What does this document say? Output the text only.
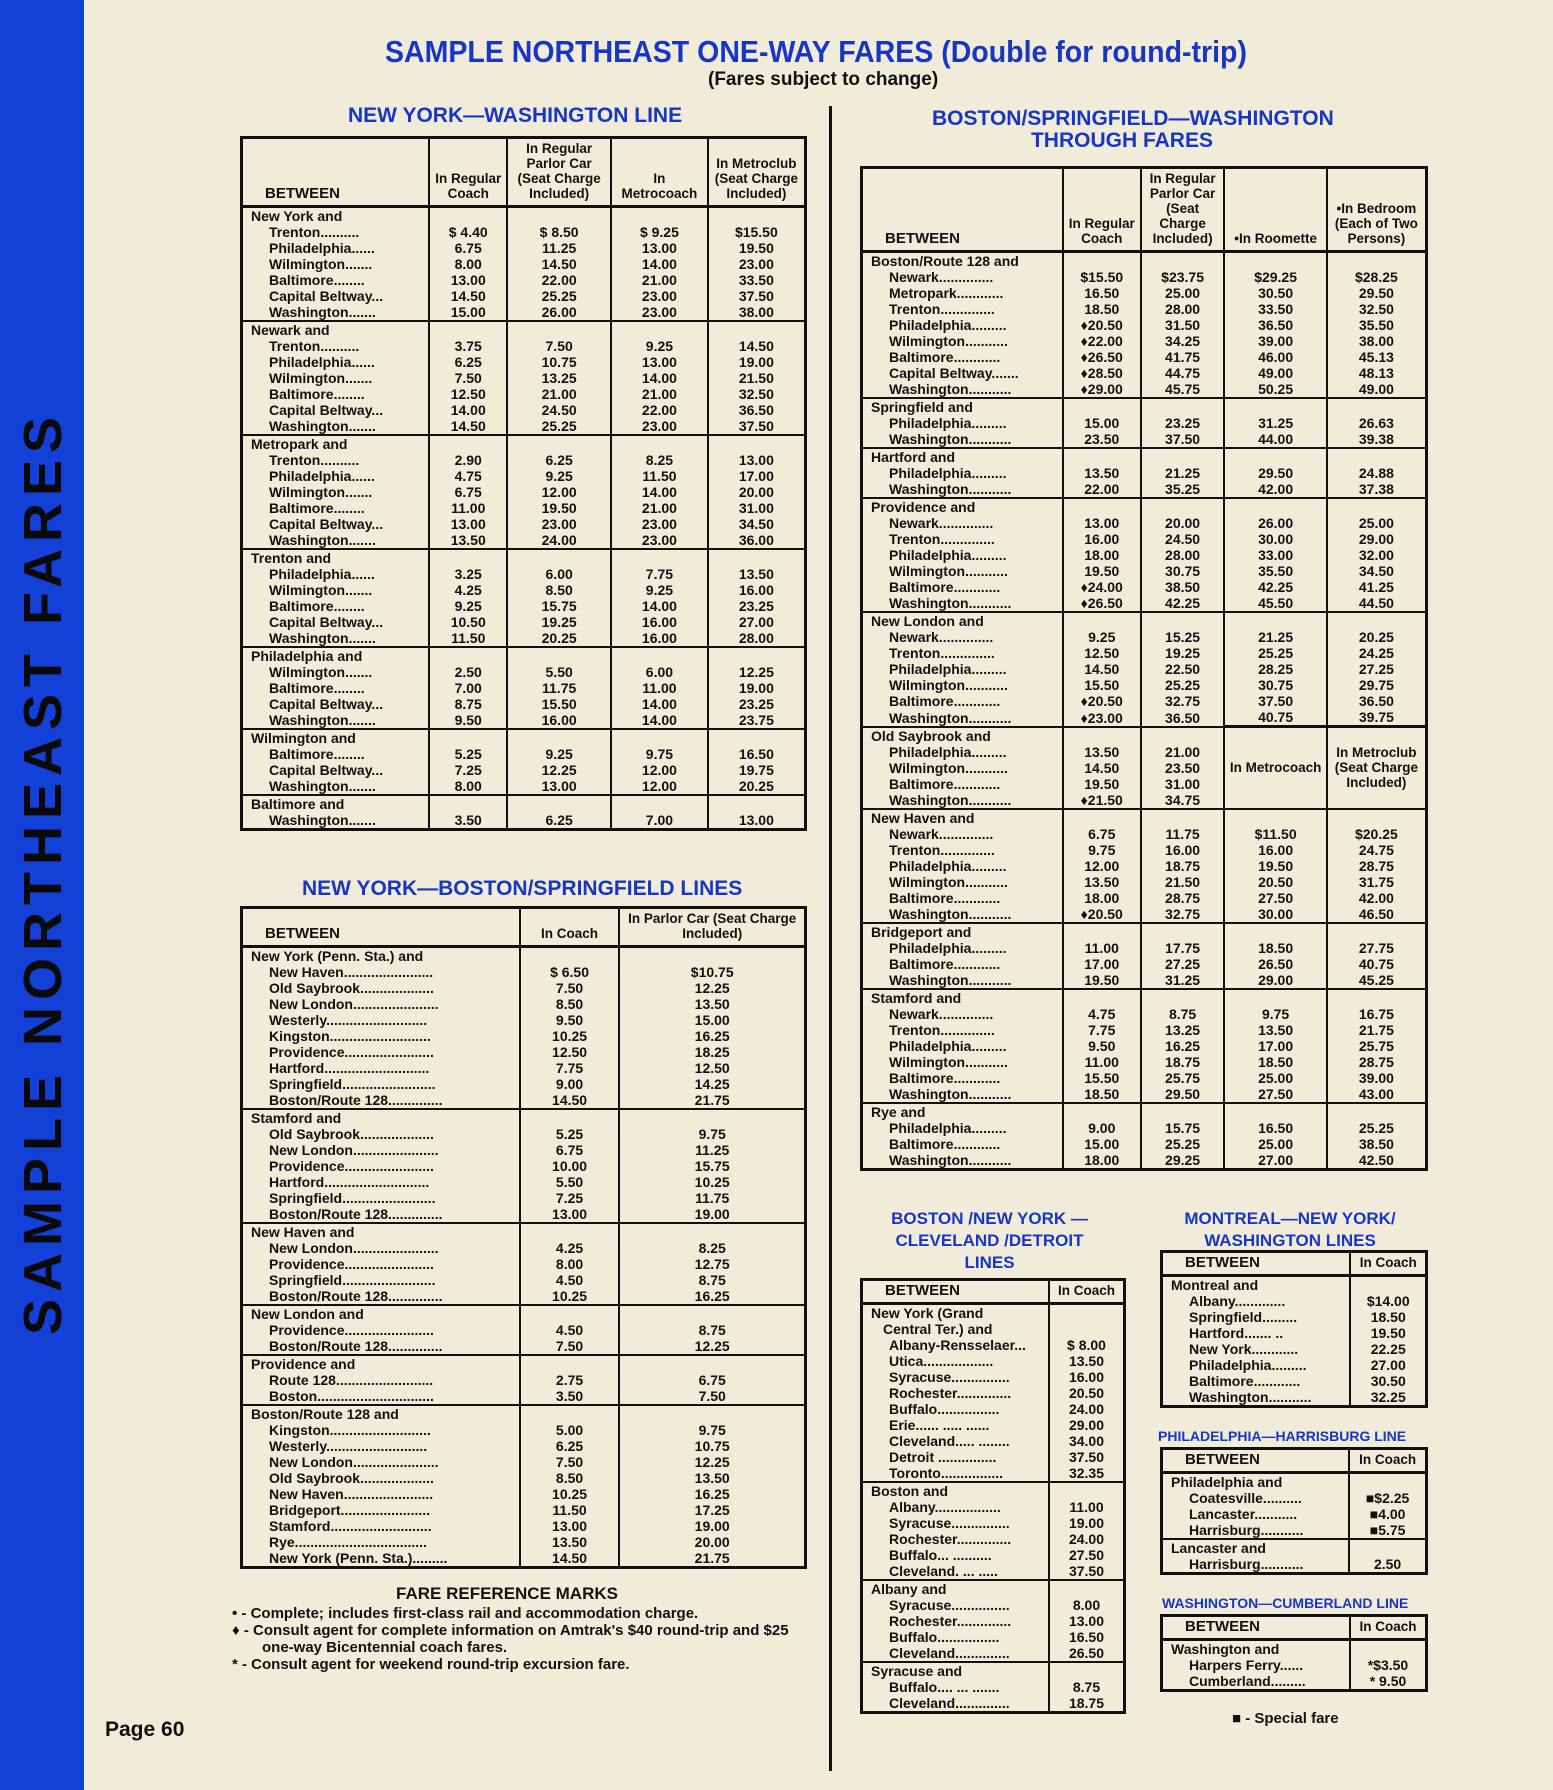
SAMPLE NORTHEAST FARES
SAMPLE NORTHEAST ONE-WAY FARES (Double for round-trip)
(Fares subject to change)
NEW YORK—WASHINGTON LINE
BETWEEN	In Regular Coach	In Regular Parlor Car (Seat Charge Included)	In Metrocoach	In Metroclub (Seat Charge Included)
New York and				
Trenton..........	$ 4.40	$ 8.50	$ 9.25	$15.50
Philadelphia......	6.75	11.25	13.00	19.50
Wilmington.......	8.00	14.50	14.00	23.00
Baltimore........	13.00	22.00	21.00	33.50
Capital Beltway...	14.50	25.25	23.00	37.50
Washington.......	15.00	26.00	23.00	38.00
Newark and				
Trenton..........	3.75	7.50	9.25	14.50
Philadelphia......	6.25	10.75	13.00	19.00
Wilmington.......	7.50	13.25	14.00	21.50
Baltimore........	12.50	21.00	21.00	32.50
Capital Beltway...	14.00	24.50	22.00	36.50
Washington.......	14.50	25.25	23.00	37.50
Metropark and				
Trenton..........	2.90	6.25	8.25	13.00
Philadelphia......	4.75	9.25	11.50	17.00
Wilmington.......	6.75	12.00	14.00	20.00
Baltimore........	11.00	19.50	21.00	31.00
Capital Beltway...	13.00	23.00	23.00	34.50
Washington.......	13.50	24.00	23.00	36.00
Trenton and				
Philadelphia......	3.25	6.00	7.75	13.50
Wilmington.......	4.25	8.50	9.25	16.00
Baltimore........	9.25	15.75	14.00	23.25
Capital Beltway...	10.50	19.25	16.00	27.00
Washington.......	11.50	20.25	16.00	28.00
Philadelphia and				
Wilmington.......	2.50	5.50	6.00	12.25
Baltimore........	7.00	11.75	11.00	19.00
Capital Beltway...	8.75	15.50	14.00	23.25
Washington.......	9.50	16.00	14.00	23.75
Wilmington and				
Baltimore........	5.25	9.25	9.75	16.50
Capital Beltway...	7.25	12.25	12.00	19.75
Washington.......	8.00	13.00	12.00	20.25
Baltimore and				
Washington.......	3.50	6.25	7.00	13.00
NEW YORK—BOSTON/SPRINGFIELD LINES
BETWEEN	In Coach	In Parlor Car (Seat Charge Included)
New York (Penn. Sta.) and		
New Haven.......................	$ 6.50	$10.75
Old Saybrook...................	7.50	12.25
New London......................	8.50	13.50
Westerly..........................	9.50	15.00
Kingston..........................	10.25	16.25
Providence.......................	12.50	18.25
Hartford...........................	7.75	12.50
Springfield........................	9.00	14.25
Boston/Route 128..............	14.50	21.75
Stamford and		
Old Saybrook...................	5.25	9.75
New London......................	6.75	11.25
Providence.......................	10.00	15.75
Hartford...........................	5.50	10.25
Springfield........................	7.25	11.75
Boston/Route 128..............	13.00	19.00
New Haven and		
New London......................	4.25	8.25
Providence.......................	8.00	12.75
Springfield........................	4.50	8.75
Boston/Route 128..............	10.25	16.25
New London and		
Providence.......................	4.50	8.75
Boston/Route 128..............	7.50	12.25
Providence and		
Route 128.........................	2.75	6.75
Boston..............................	3.50	7.50
Boston/Route 128 and		
Kingston..........................	5.00	9.75
Westerly..........................	6.25	10.75
New London......................	7.50	12.25
Old Saybrook...................	8.50	13.50
New Haven.......................	10.25	16.25
Bridgeport.......................	11.50	17.25
Stamford..........................	13.00	19.00
Rye..................................	13.50	20.00
New York (Penn. Sta.).........	14.50	21.75
FARE REFERENCE MARKS
• - Complete; includes first-class rail and accommodation charge.
♦ - Consult agent for complete information on Amtrak's $40 round-trip and $25 one-way Bicentennial coach fares.
* - Consult agent for weekend round-trip excursion fare.
BOSTON/SPRINGFIELD—WASHINGTON
THROUGH FARES
BETWEEN	In Regular Coach	In Regular Parlor Car (Seat Charge Included)	•In Roomette	•In Bedroom (Each of Two Persons)
Boston/Route 128 and				
Newark..............	$15.50	$23.75	$29.25	$28.25
Metropark............	16.50	25.00	30.50	29.50
Trenton..............	18.50	28.00	33.50	32.50
Philadelphia.........	♦20.50	31.50	36.50	35.50
Wilmington...........	♦22.00	34.25	39.00	38.00
Baltimore............	♦26.50	41.75	46.00	45.13
Capital Beltway.......	♦28.50	44.75	49.00	48.13
Washington...........	♦29.00	45.75	50.25	49.00
Springfield and				
Philadelphia.........	15.00	23.25	31.25	26.63
Washington...........	23.50	37.50	44.00	39.38
Hartford and				
Philadelphia.........	13.50	21.25	29.50	24.88
Washington...........	22.00	35.25	42.00	37.38
Providence and				
Newark..............	13.00	20.00	26.00	25.00
Trenton..............	16.00	24.50	30.00	29.00
Philadelphia.........	18.00	28.00	33.00	32.00
Wilmington...........	19.50	30.75	35.50	34.50
Baltimore............	♦24.00	38.50	42.25	41.25
Washington...........	♦26.50	42.25	45.50	44.50
New London and				
Newark..............	9.25	15.25	21.25	20.25
Trenton..............	12.50	19.25	25.25	24.25
Philadelphia.........	14.50	22.50	28.25	27.25
Wilmington...........	15.50	25.25	30.75	29.75
Baltimore............	♦20.50	32.75	37.50	36.50
Washington...........	♦23.00	36.50	40.75	39.75
Old Saybrook and			In Metrocoach	In Metroclub (Seat Charge Included)
Philadelphia.........	13.50	21.00		
Wilmington...........	14.50	23.50		
Baltimore............	19.50	31.00		
Washington...........	♦21.50	34.75		
New Haven and				
Newark..............	6.75	11.75	$11.50	$20.25
Trenton..............	9.75	16.00	16.00	24.75
Philadelphia.........	12.00	18.75	19.50	28.75
Wilmington...........	13.50	21.50	20.50	31.75
Baltimore............	18.00	28.75	27.50	42.00
Washington...........	♦20.50	32.75	30.00	46.50
Bridgeport and				
Philadelphia.........	11.00	17.75	18.50	27.75
Baltimore............	17.00	27.25	26.50	40.75
Washington...........	19.50	31.25	29.00	45.25
Stamford and				
Newark..............	4.75	8.75	9.75	16.75
Trenton..............	7.75	13.25	13.50	21.75
Philadelphia.........	9.50	16.25	17.00	25.75
Wilmington...........	11.00	18.75	18.50	28.75
Baltimore............	15.50	25.75	25.00	39.00
Washington...........	18.50	29.50	27.50	43.00
Rye and				
Philadelphia.........	9.00	15.75	16.50	25.25
Baltimore............	15.00	25.25	25.00	38.50
Washington...........	18.00	29.25	27.00	42.50
BOSTON /NEW YORK —
CLEVELAND /DETROIT
LINES
BETWEEN	In Coach
New York (Grand	
Central Ter.) and	
Albany-Rensselaer...	$ 8.00
Utica..................	13.50
Syracuse...............	16.00
Rochester..............	20.50
Buffalo................	24.00
Erie...... ..... ......	29.00
Cleveland..... ........	34.00
Detroit ...............	37.50
Toronto................	32.35
Boston and	
Albany.................	11.00
Syracuse...............	19.00
Rochester..............	24.00
Buffalo... ..........	27.50
Cleveland. ... .....	37.50
Albany and	
Syracuse...............	8.00
Rochester..............	13.00
Buffalo................	16.50
Cleveland..............	26.50
Syracuse and	
Buffalo.... ... .......	8.75
Cleveland..............	18.75
MONTREAL—NEW YORK/
WASHINGTON LINES
BETWEEN	In Coach
Montreal and	
Albany.............	$14.00
Springfield.........	18.50
Hartford....... ..	19.50
New York............	22.25
Philadelphia.........	27.00
Baltimore............	30.50
Washington...........	32.25
PHILADELPHIA—HARRISBURG LINE
BETWEEN	In Coach
Philadelphia and	
Coatesville..........	■$2.25
Lancaster...........	■4.00
Harrisburg...........	■5.75
Lancaster and	
Harrisburg...........	2.50
WASHINGTON—CUMBERLAND LINE
BETWEEN	In Coach
Washington and	
Harpers Ferry......	*$3.50
Cumberland.........	* 9.50
■ - Special fare
Page 60
